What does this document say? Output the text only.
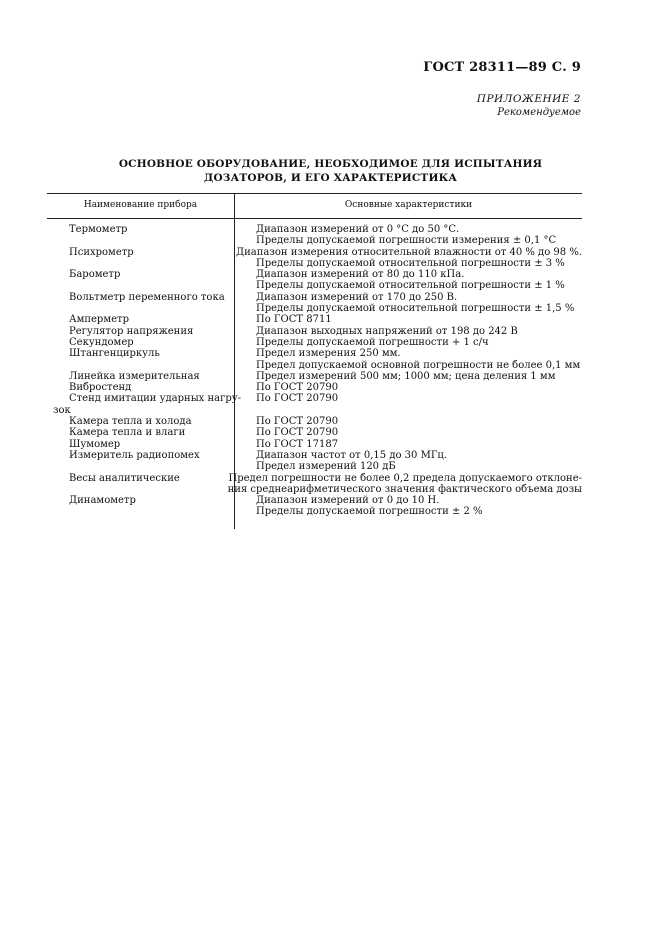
ГОСТ 28311—89 С. 9
ПРИЛОЖЕНИЕ 2
Рекомендуемое
ОСНОВНОЕ ОБОРУДОВАНИЕ, НЕОБХОДИМОЕ ДЛЯ ИСПЫТАНИЯ
ДОЗАТОРОВ, И ЕГО ХАРАКТЕРИСТИКА
Наименование прибора	Основные характеристики
Термометр	Диапазон измерений от 0 °С до 50 °С.
Пределы допускаемой погрешности измерения ± 0,1 °С
Психрометр	Диапазон измерения относительной влажности от 40 % до 98 %.
Пределы допускаемой относительной погрешности ± 3 %
Барометр	Диапазон измерений от 80 до 110 кПа.
Пределы допускаемой относительной погрешности ± 1 %
Вольтметр переменного тока	Диапазон измерений от 170 до 250 В.
Пределы допускаемой относительной погрешности ± 1,5 %
Амперметр	По ГОСТ 8711
Регулятор напряжения	Диапазон выходных напряжений от 198 до 242 В
Секундомер	Пределы допускаемой погрешности + 1 с/ч
Штангенциркуль	Предел измерения 250 мм.
Предел допускаемой основной погрешности не более 0,1 мм
Линейка измерительная	Предел измерений 500 мм; 1000 мм; цена деления 1 мм
Вибростенд	По ГОСТ 20790
Стенд имитации ударных нагру-	По ГОСТ 20790
зок
Камера тепла и холода	По ГОСТ 20790
Камера тепла и влаги	По ГОСТ 20790
Шумомер	По ГОСТ 17187
Измеритель радиопомех	Диапазон частот от 0,15 до 30 МГц.
Предел измерений 120 дБ
Весы аналитические	Предел погрешности не более 0,2 предела допускаемого отклоне-
ния среднеарифметического значения фактического объема дозы
Динамометр	Диапазон измерений от 0 до 10 Н.
Пределы допускаемой погрешности ± 2 %
